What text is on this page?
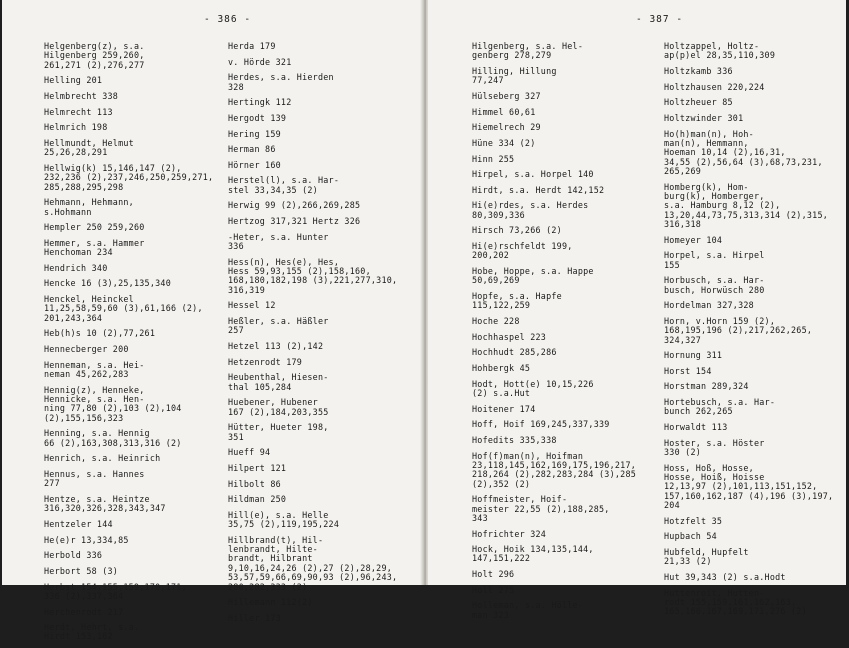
- 386 -
Helgenberg(z), s.a.
Hilgenberg 259,260,
261,271 (2),276,277
Helling 201
Helmbrecht 338
Helmrecht 113
Helmrich 198
Hellmundt, Helmut
25,26,28,291
Hellwig(k) 15,146,147 (2),
232,236 (2),237,246,250,259,271,
285,288,295,298
Hehmann, Hehmann,
s.Hohmann
Hempler 250 259,260
Hemmer, s.a. Hammer
Henchoman 234
Hendrich 340
Hencke 16 (3),25,135,340
Henckel, Heinckel
11,25,58,59,60 (3),61,166 (2),
201,243,364
Heb(h)s 10 (2),77,261
Hennecberger 200
Henneman, s.a. Hei-
neman 45,262,283
Hennig(z), Henneke,
Hennicke, s.a. Hen-
ning 77,80 (2),103 (2),104
(2),155,156,323
Henning, s.a. Hennig
66 (2),163,308,313,316 (2)
Henrich, s.a. Heinrich
Hennus, s.a. Hannes
277
Hentze, s.a. Heintze
316,320,326,328,343,347
Hentzeler 144
He(e)r 13,334,85
Herbold 336
Herbort 58 (3)
Herbst 154,155,159,170,171,
336 (2),337,364
Herchenrodt 217
Herdt, Hehrt, s.a.
Hirdt 153,162
Herda 179
v. Hörde 321
Herdes, s.a. Hierden
328
Hertingk 112
Hergodt 139
Hering 159
Herman 86
Hörner 160
Herstel(l), s.a. Har-
stel 33,34,35 (2)
Herwig 99 (2),266,269,285
Hertzog 317,321 Hertz 326
-Heter, s.a. Hunter
336
Hess(n), Hes(e), Hes,
Hess 59,93,155 (2),158,160,
168,180,182,198 (3),221,277,310,
316,319
Hessel 12
Heßler, s.a. Häßler
257
Hetzel 113 (2),142
Hetzenrodt 179
Heubenthal, Hiesen-
thal 105,284
Huebener, Hubener
167 (2),184,203,355
Hütter, Hueter 198,
351
Hueff 94
Hilpert 121
Hilbolt 86
Hildman 250
Hill(e), s.a. Helle
35,75 (2),119,195,224
Hillbrand(t), Hil-
lenbrandt, Hilte-
brandt, Hilbrant
9,10,16,24,26 (2),27 (2),28,29,
53,57,59,66,69,90,93 (2),96,243,
280,282,333 (2)
Hillemann 112(2)
Hiller 173
- 387 -
Hilgenberg, s.a. Hel-
genberg 278,279
Hilling, Hillung
77,247
Hülseberg 327
Himmel 60,61
Hiemelrech 29
Hüne 334 (2)
Hinn 255
Hirpel, s.a. Horpel 140
Hirdt, s.a. Herdt 142,152
Hi(e)rdes, s.a. Herdes
80,309,336
Hirsch 73,266 (2)
Hi(e)rschfeldt 199,
200,202
Hobe, Hoppe, s.a. Happe
50,69,269
Hopfe, s.a. Hapfe
115,122,259
Hoche 228
Hochhaspel 223
Hochhudt 285,286
Hohbergk 45
Hodt, Hott(e) 10,15,226
(2) s.a.Hut
Hoitener 174
Hoff, Hoif 169,245,337,339
Hofedits 335,338
Hof(f)man(n), Hoifman
23,118,145,162,169,175,196,217,
218,264 (2),282,283,284 (3),285
(2),352 (2)
Hoffmeister, Hoif-
meister 22,55 (2),188,285,
343
Hofrichter 324
Hock, Hoik 134,135,144,
147,151,222
Holt 296
Holl 275
Holleman, s.a. Hölle-
man 323
Holtzappel, Holtz-
ap(p)el 28,35,110,309
Holtzkamb 336
Holtzhausen 220,224
Holtzheuer 85
Holtzwinder 301
Ho(h)man(n), Hoh-
man(n), Hemmann,
Hoeman 10,14 (2),16,31,
34,55 (2),56,64 (3),68,73,231,
265,269
Homberg(k), Hom-
burg(k), Homberger,
s.a. Hamburg 8,12 (2),
13,20,44,73,75,313,314 (2),315,
316,318
Homeyer 104
Horpel, s.a. Hirpel
155
Horbusch, s.a. Har-
busch, Horwüsch 280
Hordelman 327,328
Horn, v.Horn 159 (2),
168,195,196 (2),217,262,265,
324,327
Hornung 311
Horst 154
Horstman 289,324
Hortebusch, s.a. Har-
bunch 262,265
Horwaldt 113
Hoster, s.a. Höster
330 (2)
Hoss, Hoß, Hosse,
Hosse, Hoiß, Hoisse
12,13,97 (2),101,113,151,152,
157,160,162,187 (4),196 (3),197,
204
Hotzfelt 35
Hupbach 54
Hubfeld, Hupfelt
21,33 (2)
Hut 39,343 (2) s.a.Hodt
Huttenroit, Hutten-
rodt 155,159,161,162,163,
165,166,167,169,171,276 (2)
